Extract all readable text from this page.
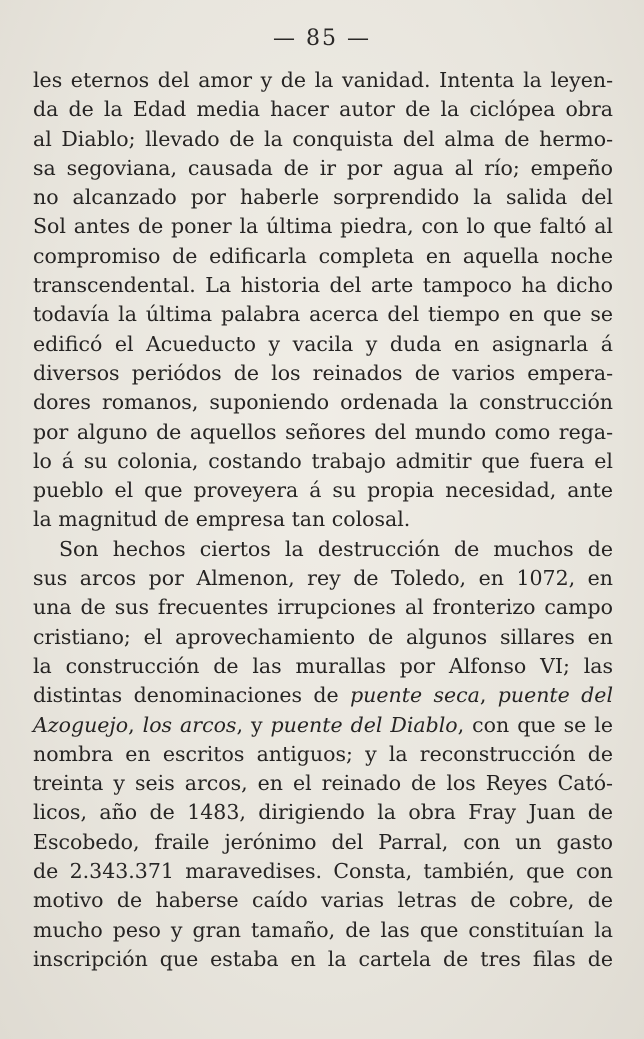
— 85 —
les eternos del amor y de la vanidad. Intenta la leyen-
da de la Edad media hacer autor de la ciclópea obra
al Diablo; llevado de la conquista del alma de hermo-
sa segoviana, causada de ir por agua al río; empeño
no alcanzado por haberle sorprendido la salida del
Sol antes de poner la última piedra, con lo que faltó al
compromiso de edificarla completa en aquella noche
transcendental. La historia del arte tampoco ha dicho
todavía la última palabra acerca del tiempo en que se
edificó el Acueducto y vacila y duda en asignarla á
diversos periódos de los reinados de varios empera-
dores romanos, suponiendo ordenada la construcción
por alguno de aquellos señores del mundo como rega-
lo á su colonia, costando trabajo admitir que fuera el
pueblo el que proveyera á su propia necesidad, ante
la magnitud de empresa tan colosal.
Son hechos ciertos la destrucción de muchos de
sus arcos por Almenon, rey de Toledo, en 1072, en
una de sus frecuentes irrupciones al fronterizo campo
cristiano; el aprovechamiento de algunos sillares en
la construcción de las murallas por Alfonso VI; las
distintas denominaciones de puente seca, puente del
Azoguejo, los arcos, y puente del Diablo, con que se le
nombra en escritos antiguos; y la reconstrucción de
treinta y seis arcos, en el reinado de los Reyes Cató-
licos, año de 1483, dirigiendo la obra Fray Juan de
Escobedo, fraile jerónimo del Parral, con un gasto
de 2.343.371 maravedises. Consta, también, que con
motivo de haberse caído varias letras de cobre, de
mucho peso y gran tamaño, de las que constituían la
inscripción que estaba en la cartela de tres filas de
